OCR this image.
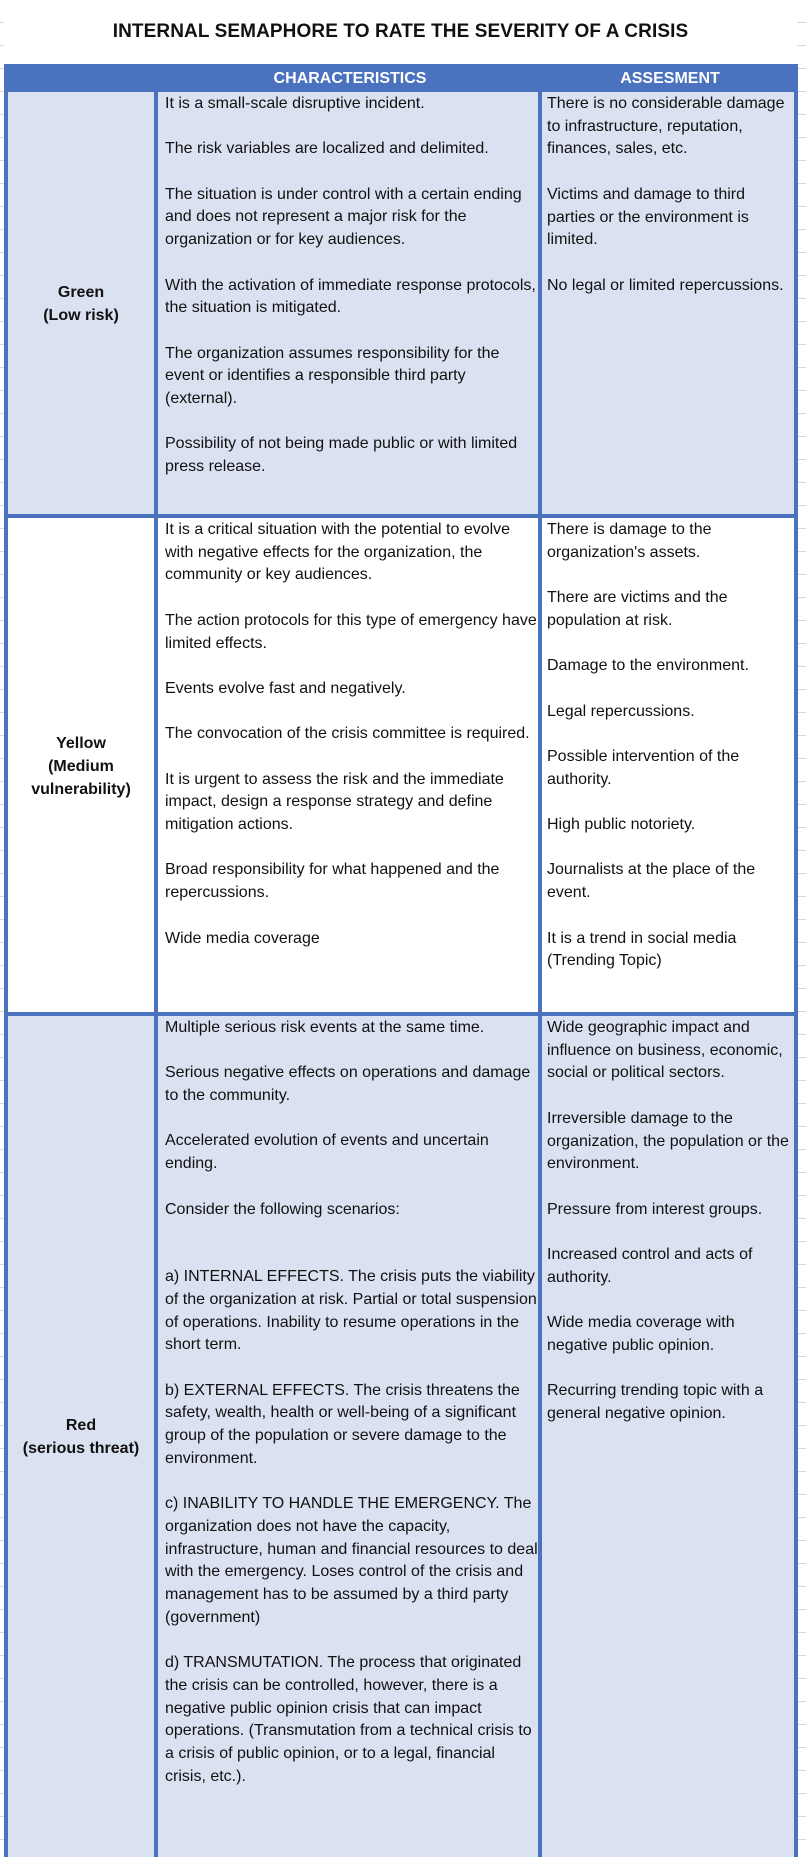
INTERNAL SEMAPHORE TO RATE THE SEVERITY OF A CRISIS
CHARACTERISTICS	ASSESMENT
Green
(Low risk)

It is a small-scale disruptive incident.

The risk variables are localized and delimited.

The situation is under control with a certain ending and does not represent a major risk for the organization or for key audiences.

With the activation of immediate response protocols, the situation is mitigated.

The organization assumes responsibility for the event or identifies a responsible third party (external).

Possibility of not being made public or with limited press release.

There is no considerable damage to infrastructure, reputation, finances, sales, etc.

Victims and damage to third parties or the environment is limited.

No legal or limited repercussions.

Yellow
(Medium
vulnerability)

It is a critical situation with the potential to evolve with negative effects for the organization, the community or key audiences.

The action protocols for this type of emergency have limited effects.

Events evolve fast and negatively.

The convocation of the crisis committee is required.

It is urgent to assess the risk and the immediate impact, design a response strategy and define mitigation actions.

Broad responsibility for what happened and the repercussions.

Wide media coverage

There is damage to the organization's assets.

There are victims and the population at risk.

Damage to the environment.

Legal repercussions.

Possible intervention of the authority.

High public notoriety.

Journalists at the place of the event.

It is a trend in social media (Trending Topic)

Red
(serious threat)

Multiple serious risk events at the same time.

Serious negative effects on operations and damage to the community.

Accelerated evolution of events and uncertain ending.

Consider the following scenarios:

a) INTERNAL EFFECTS. The crisis puts the viability of the organization at risk. Partial or total suspension of operations. Inability to resume operations in the short term.

b) EXTERNAL EFFECTS. The crisis threatens the safety, wealth, health or well-being of a significant group of the population or severe damage to the environment.

c) INABILITY TO HANDLE THE EMERGENCY. The organization does not have the capacity, infrastructure, human and financial resources to deal with the emergency. Loses control of the crisis and management has to be assumed by a third party (government)

d) TRANSMUTATION. The process that originated the crisis can be controlled, however, there is a negative public opinion crisis that can impact operations. (Transmutation from a technical crisis to a crisis of public opinion, or to a legal, financial crisis, etc.).

Wide geographic impact and influence on business, economic, social or political sectors.

Irreversible damage to the organization, the population or the environment.

Pressure from interest groups.

Increased control and acts of authority.

Wide media coverage with negative public opinion.

Recurring trending topic with a general negative opinion.
